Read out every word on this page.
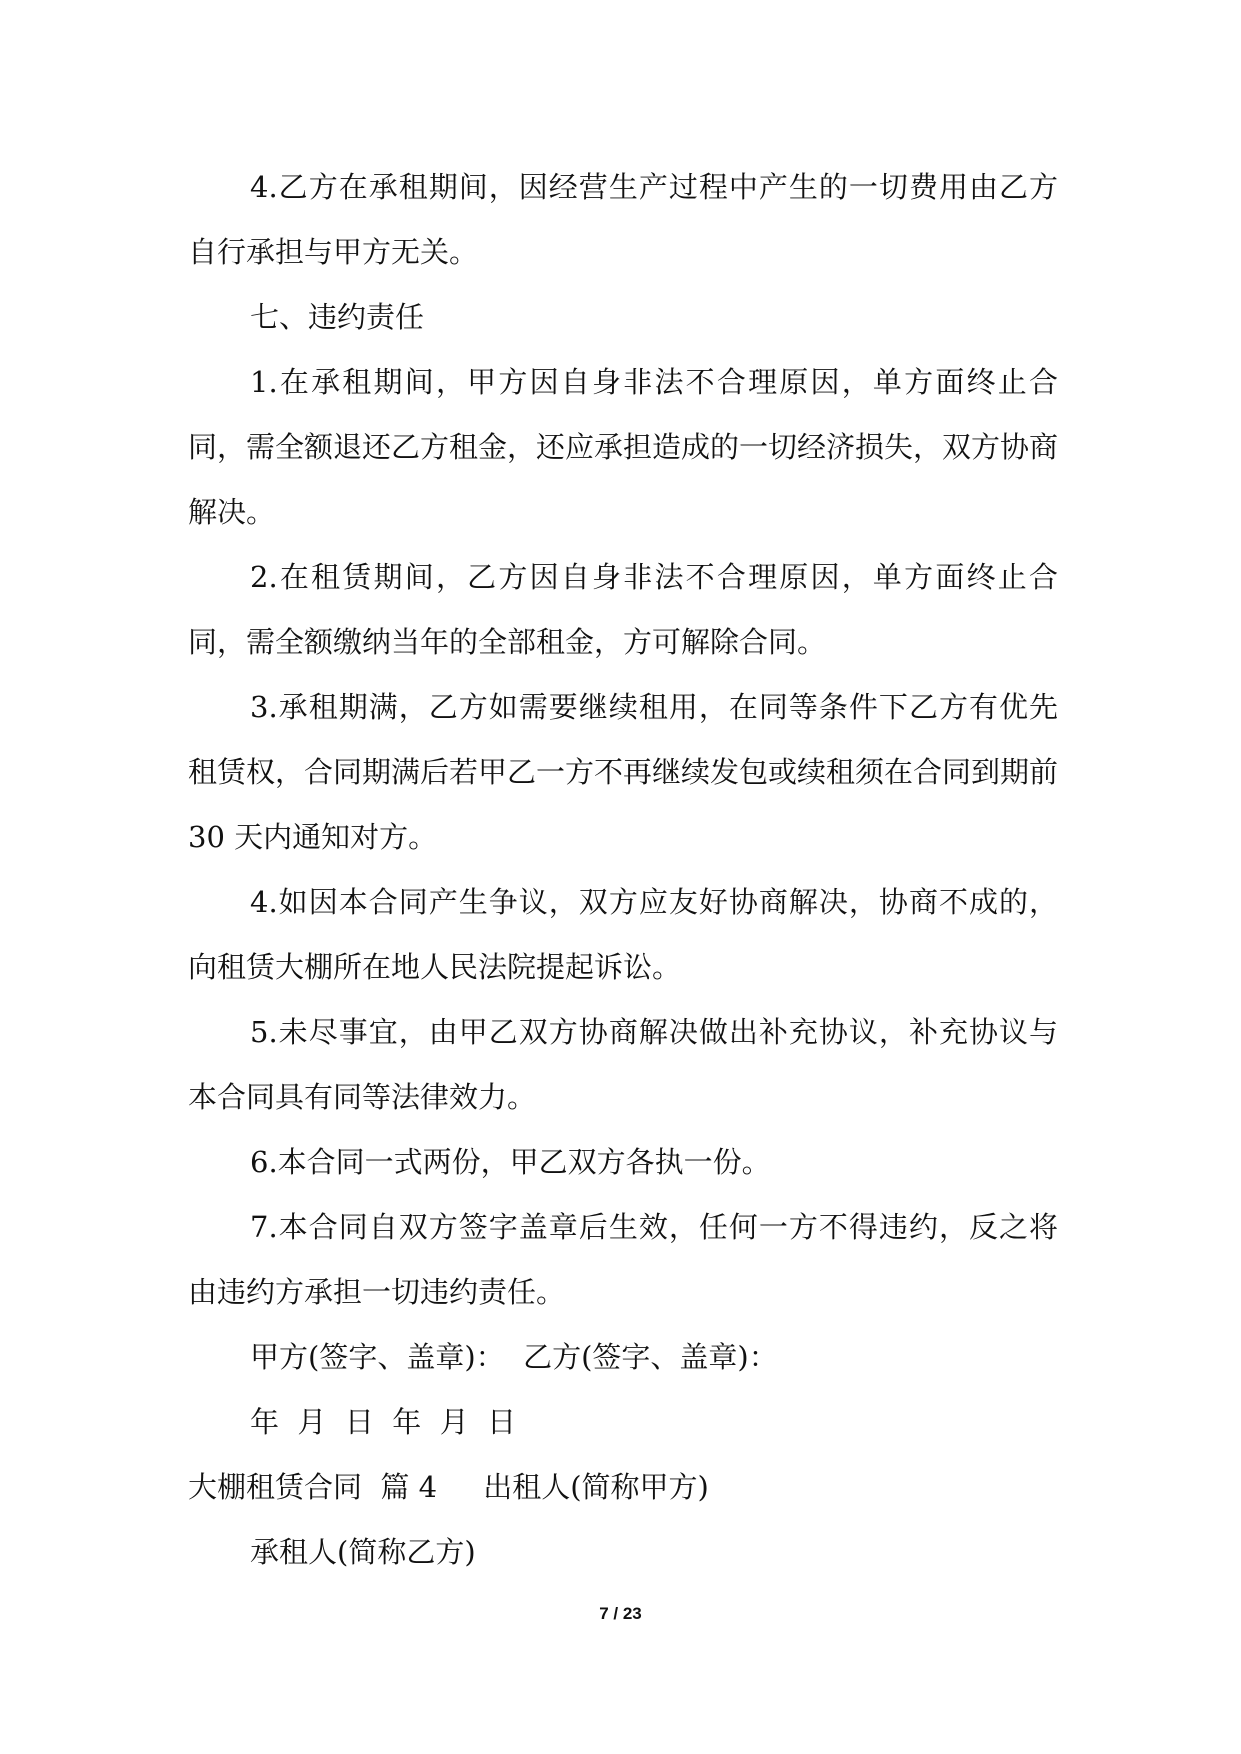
4.乙方在承租期间，因经营生产过程中产生的一切费用由乙方自行承担与甲方无关。

七、违约责任

1.在承租期间，甲方因自身非法不合理原因，单方面终止合同，需全额退还乙方租金，还应承担造成的一切经济损失，双方协商解决。

2.在租赁期间，乙方因自身非法不合理原因，单方面终止合同，需全额缴纳当年的全部租金，方可解除合同。

3.承租期满，乙方如需要继续租用，在同等条件下乙方有优先租赁权，合同期满后若甲乙一方不再继续发包或续租须在合同到期前 30 天内通知对方。

4.如因本合同产生争议，双方应友好协商解决，协商不成的，向租赁大棚所在地人民法院提起诉讼。

5.未尽事宜，由甲乙双方协商解决做出补充协议，补充协议与本合同具有同等法律效力。

6.本合同一式两份，甲乙双方各执一份。

7.本合同自双方签字盖章后生效，任何一方不得违约，反之将由违约方承担一切违约责任。

甲方(签字、盖章)： 乙方(签字、盖章)：

年  月  日  年  月  日

大棚租赁合同  篇 4 出租人(简称甲方)

承租人(简称乙方)

7 / 23
